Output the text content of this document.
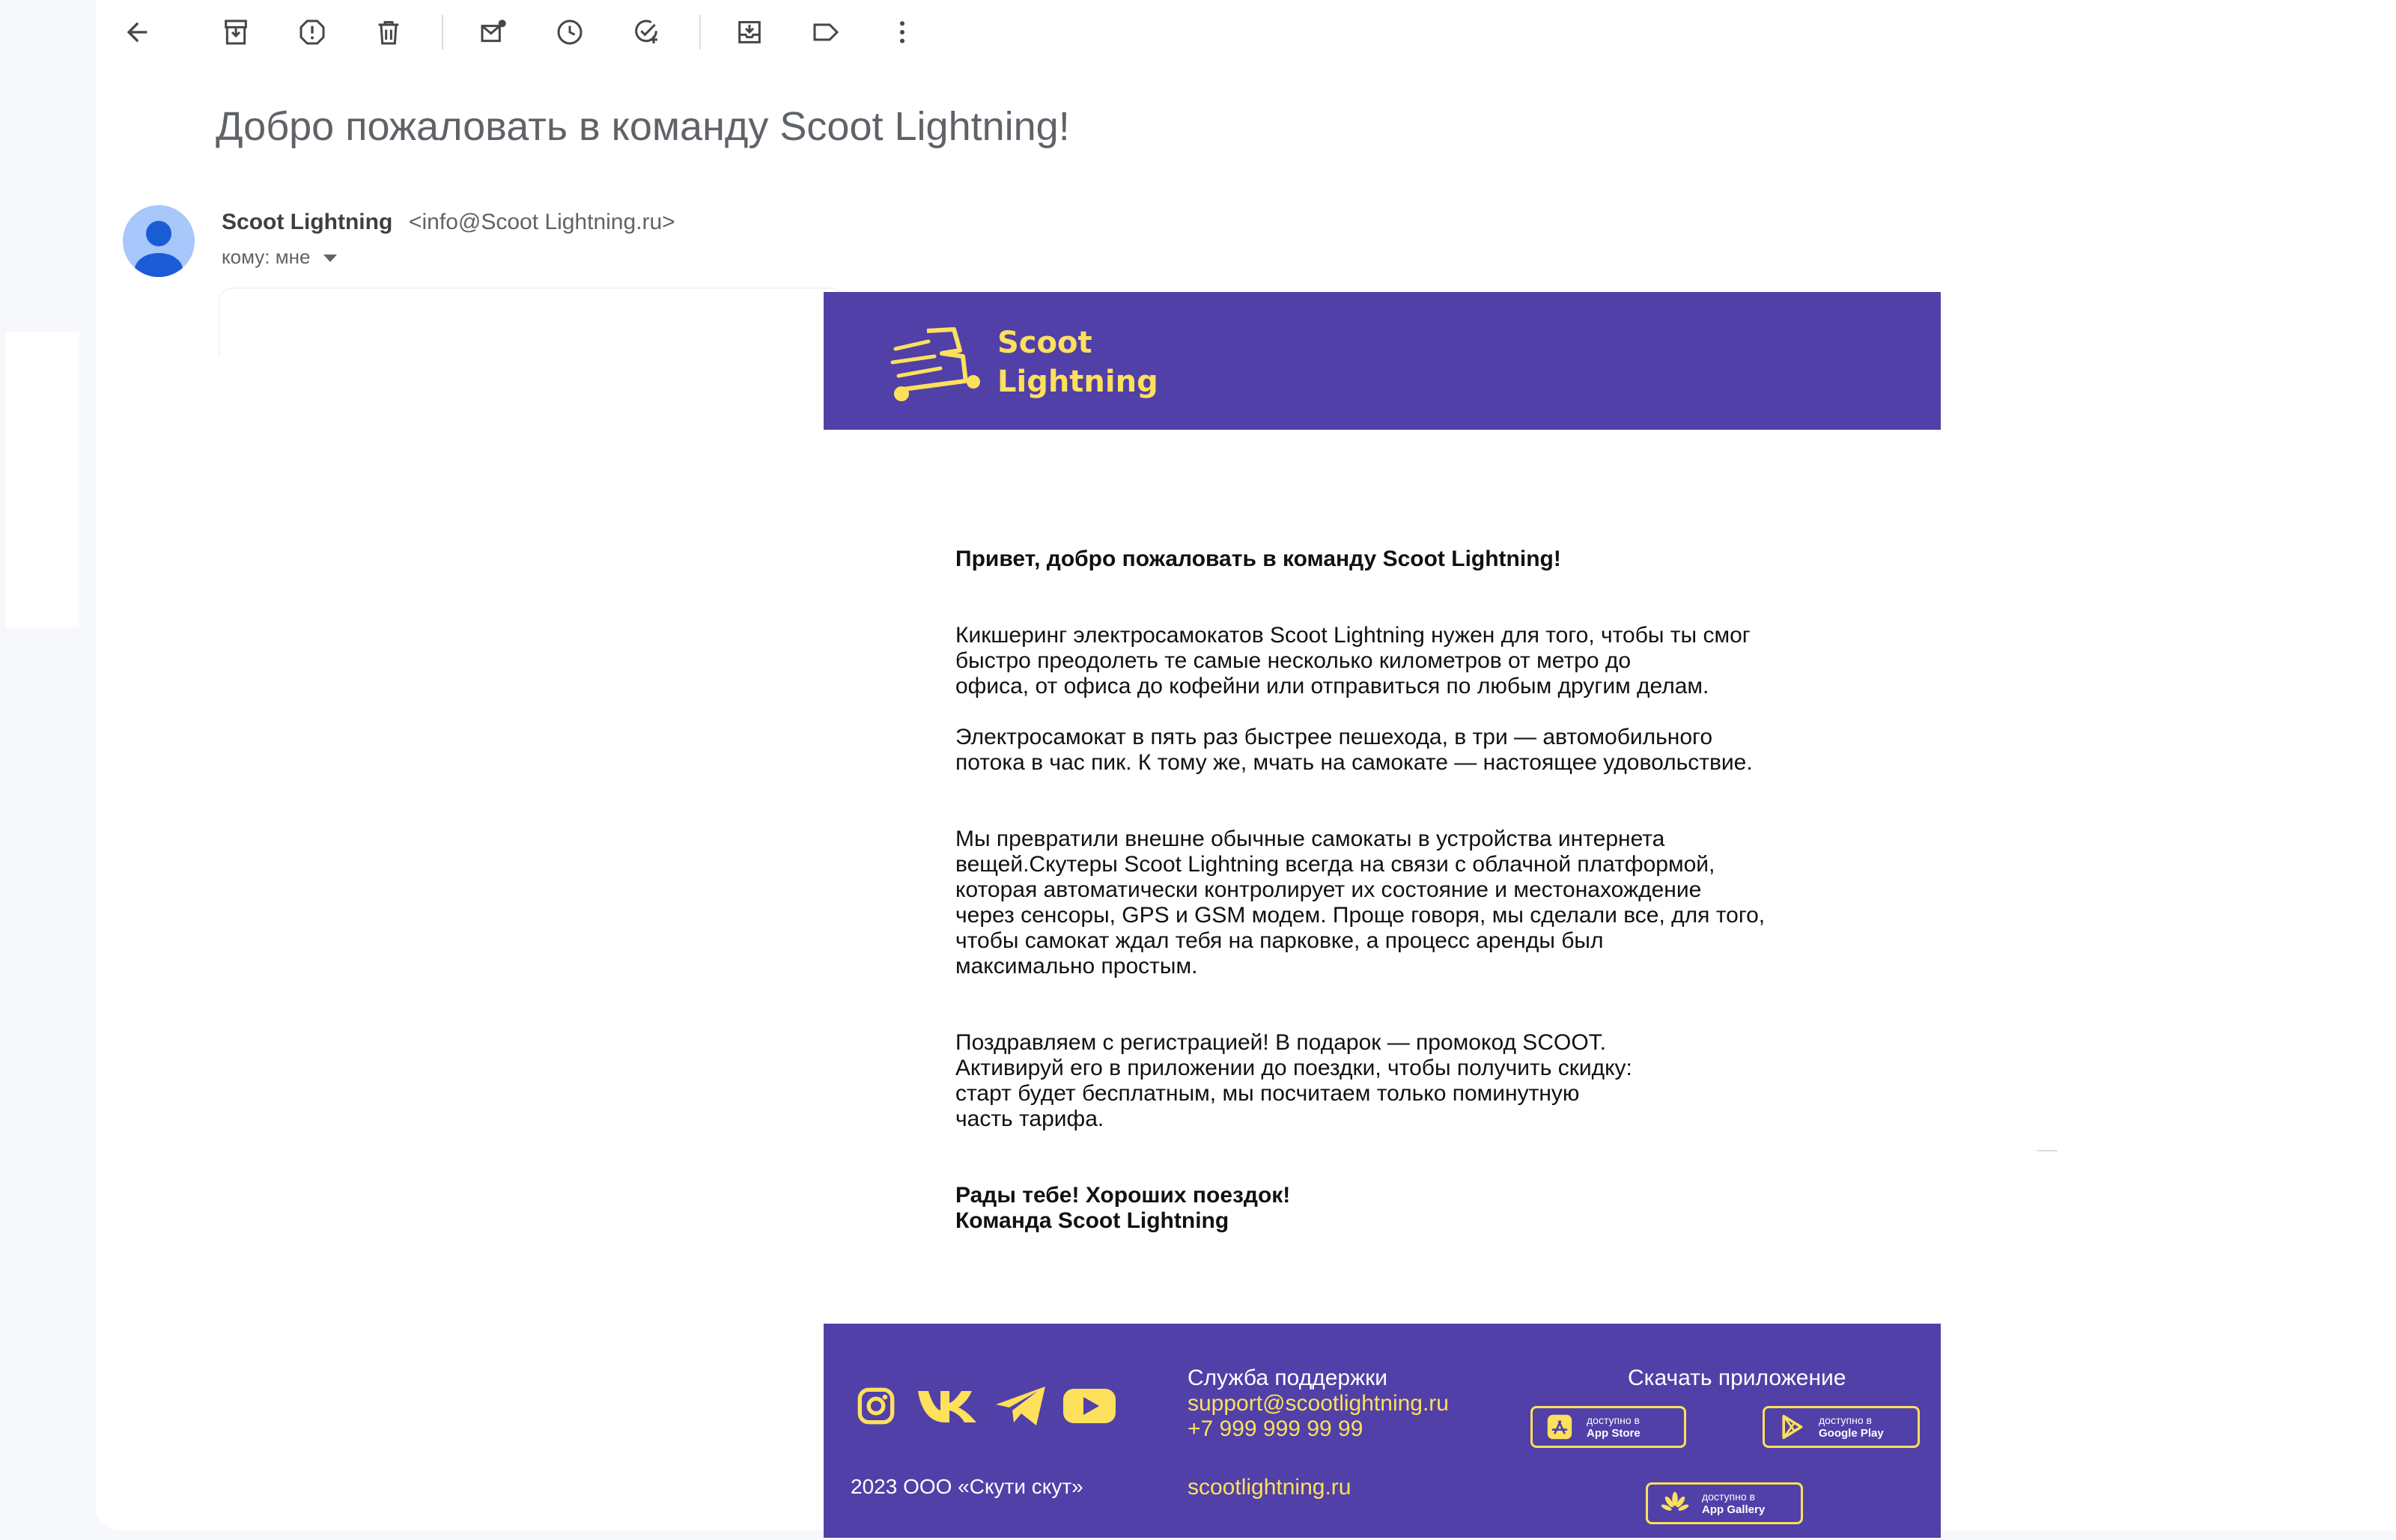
Добро пожаловать в команду Scoot Lightning!
Scoot Lightning <info@Scoot Lightning.ru>
кому: мне
Scoot
Lightning

Привет, добро пожаловать в команду Scoot Lightning!

Кикшеринг электросамокатов Scoot Lightning нужен для того, чтобы ты смог
быстро преодолеть те самые несколько километров от метро до
офиса, от офиса до кофейни или отправиться по любым другим делам.

Электросамокат в пять раз быстрее пешехода, в три — автомобильного
потока в час пик. К тому же, мчать на самокате — настоящее удовольствие.

Мы превратили внешне обычные самокаты в устройства интернета
вещей.Скутеры Scoot Lightning всегда на связи с облачной платформой,
которая автоматически контролирует их состояние и местонахождение
через сенсоры, GPS и GSM модем. Проще говоря, мы сделали все, для того,
чтобы самокат ждал тебя на парковке, а процесс аренды был
максимально простым.

Поздравляем с регистрацией! В подарок — промокод SCOOT.
Активируй его в приложении до поездки, чтобы получить скидку:
старт будет бесплатным, мы посчитаем только поминутную
часть тарифа.

Рады тебе! Хороших поездок!
Команда Scoot Lightning

Служба поддержки
support@scootlightning.ru
+7 999 999 99 99
scootlightning.ru
2023 ООО «Скути скут»
Скачать приложение
доступно в
App Store
доступно в
Google Play
доступно в
App Gallery
